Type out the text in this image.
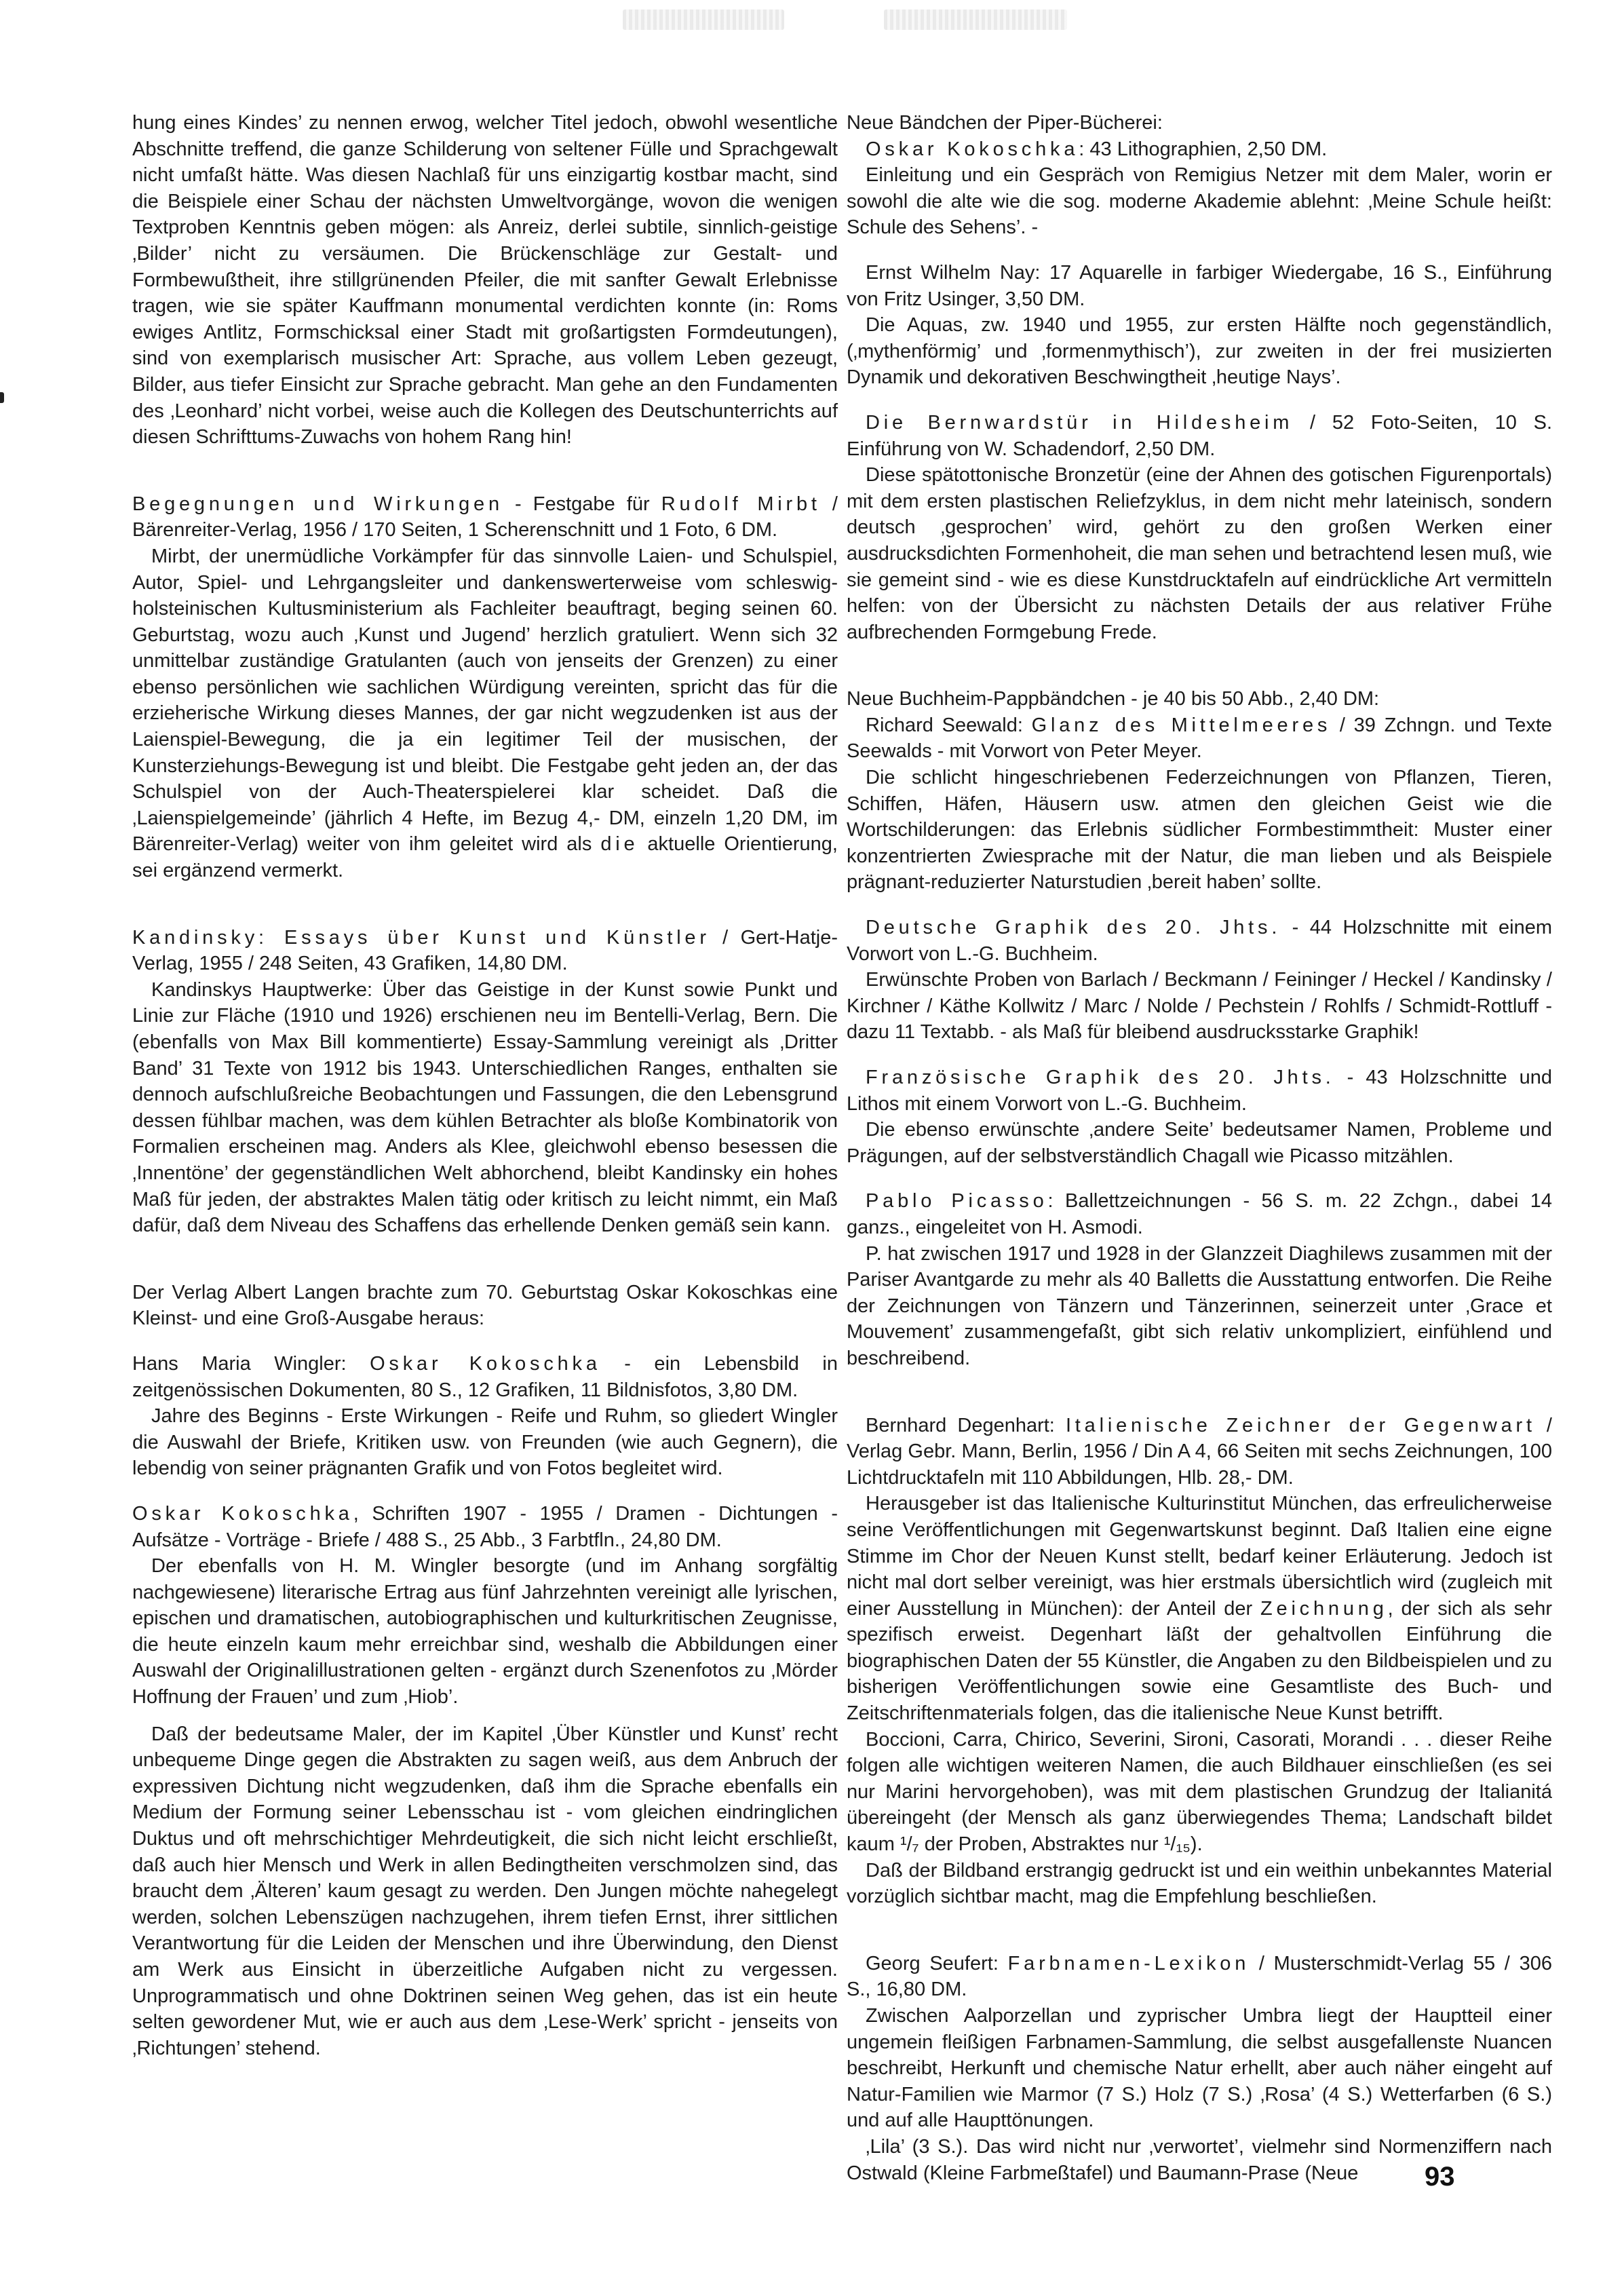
hung eines Kindes’ zu nennen erwog, welcher Titel jedoch, obwohl wesentliche Abschnitte treffend, die ganze Schilderung von seltener Fülle und Sprachgewalt nicht umfaßt hätte. Was diesen Nachlaß für uns einzigartig kostbar macht, sind die Beispiele einer Schau der nächsten Umweltvorgänge, wovon die wenigen Textproben Kenntnis geben mögen: als Anreiz, derlei subtile, sinnlich-geistige ‚Bilder’ nicht zu versäumen. Die Brückenschläge zur Gestalt- und Formbewußtheit, ihre stillgrünenden Pfeiler, die mit sanfter Gewalt Erlebnisse tragen, wie sie später Kauffmann monumental verdichten konnte (in: Roms ewiges Antlitz, Formschicksal einer Stadt mit großartigsten Formdeutungen), sind von exemplarisch musischer Art: Sprache, aus vollem Leben gezeugt, Bilder, aus tiefer Einsicht zur Sprache gebracht. Man gehe an den Fundamenten des ‚Leonhard’ nicht vorbei, weise auch die Kollegen des Deutschunterrichts auf diesen Schrifttums-Zuwachs von hohem Rang hin!

Begegnungen und Wirkungen - Festgabe für Rudolf Mirbt / Bärenreiter-Verlag, 1956 / 170 Seiten, 1 Scherenschnitt und 1 Foto, 6 DM.

Mirbt, der unermüdliche Vorkämpfer für das sinnvolle Laien- und Schulspiel, Autor, Spiel- und Lehrgangsleiter und dankenswerterweise vom schleswig-holsteinischen Kultusministerium als Fachleiter beauftragt, beging seinen 60. Geburtstag, wozu auch ‚Kunst und Jugend’ herzlich gratuliert. Wenn sich 32 unmittelbar zuständige Gratulanten (auch von jenseits der Grenzen) zu einer ebenso persönlichen wie sachlichen Würdigung vereinten, spricht das für die erzieherische Wirkung dieses Mannes, der gar nicht wegzudenken ist aus der Laienspiel-Bewegung, die ja ein legitimer Teil der musischen, der Kunsterziehungs-Bewegung ist und bleibt. Die Festgabe geht jeden an, der das Schulspiel von der Auch-Theaterspielerei klar scheidet. Daß die ‚Laienspielgemeinde’ (jährlich 4 Hefte, im Bezug 4,- DM, einzeln 1,20 DM, im Bärenreiter-Verlag) weiter von ihm geleitet wird als die aktuelle Orientierung, sei ergänzend vermerkt.

Kandinsky: Essays über Kunst und Künstler / Gert-Hatje-Verlag, 1955 / 248 Seiten, 43 Grafiken, 14,80 DM.

Kandinskys Hauptwerke: Über das Geistige in der Kunst sowie Punkt und Linie zur Fläche (1910 und 1926) erschienen neu im Bentelli-Verlag, Bern. Die (ebenfalls von Max Bill kommentierte) Essay-Sammlung vereinigt als ‚Dritter Band’ 31 Texte von 1912 bis 1943. Unterschiedlichen Ranges, enthalten sie dennoch aufschlußreiche Beobachtungen und Fassungen, die den Lebensgrund dessen fühlbar machen, was dem kühlen Betrachter als bloße Kombinatorik von Formalien erscheinen mag. Anders als Klee, gleichwohl ebenso besessen die ‚Innentöne’ der gegenständlichen Welt abhorchend, bleibt Kandinsky ein hohes Maß für jeden, der abstraktes Malen tätig oder kritisch zu leicht nimmt, ein Maß dafür, daß dem Niveau des Schaffens das erhellende Denken gemäß sein kann.

Der Verlag Albert Langen brachte zum 70. Geburtstag Oskar Kokoschkas eine Kleinst- und eine Groß-Ausgabe heraus:

Hans Maria Wingler: Oskar Kokoschka - ein Lebensbild in zeitgenössischen Dokumenten, 80 S., 12 Grafiken, 11 Bildnisfotos, 3,80 DM.

Jahre des Beginns - Erste Wirkungen - Reife und Ruhm, so gliedert Wingler die Auswahl der Briefe, Kritiken usw. von Freunden (wie auch Gegnern), die lebendig von seiner prägnanten Grafik und von Fotos begleitet wird.

Oskar Kokoschka, Schriften 1907 - 1955 / Dramen - Dichtungen - Aufsätze - Vorträge - Briefe / 488 S., 25 Abb., 3 Farbtfln., 24,80 DM.

Der ebenfalls von H. M. Wingler besorgte (und im Anhang sorgfältig nachgewiesene) literarische Ertrag aus fünf Jahrzehnten vereinigt alle lyrischen, epischen und dramatischen, autobiographischen und kulturkritischen Zeugnisse, die heute einzeln kaum mehr erreichbar sind, weshalb die Abbildungen einer Auswahl der Originalillustrationen gelten - ergänzt durch Szenenfotos zu ‚Mörder Hoffnung der Frauen’ und zum ‚Hiob’.

Daß der bedeutsame Maler, der im Kapitel ‚Über Künstler und Kunst’ recht unbequeme Dinge gegen die Abstrakten zu sagen weiß, aus dem Anbruch der expressiven Dichtung nicht wegzudenken, daß ihm die Sprache ebenfalls ein Medium der Formung seiner Lebensschau ist - vom gleichen eindringlichen Duktus und oft mehrschichtiger Mehrdeutigkeit, die sich nicht leicht erschließt, daß auch hier Mensch und Werk in allen Bedingtheiten verschmolzen sind, das braucht dem ‚Älteren’ kaum gesagt zu werden. Den Jungen möchte nahegelegt werden, solchen Lebenszügen nachzugehen, ihrem tiefen Ernst, ihrer sittlichen Verantwortung für die Leiden der Menschen und ihre Überwindung, den Dienst am Werk aus Einsicht in überzeitliche Aufgaben nicht zu vergessen. Unprogrammatisch und ohne Doktrinen seinen Weg gehen, das ist ein heute selten gewordener Mut, wie er auch aus dem ‚Lese-Werk’ spricht - jenseits von ‚Richtungen’ stehend.

Neue Bändchen der Piper-Bücherei:

Oskar Kokoschka: 43 Lithographien, 2,50 DM.

Einleitung und ein Gespräch von Remigius Netzer mit dem Maler, worin er sowohl die alte wie die sog. moderne Akademie ablehnt: ‚Meine Schule heißt: Schule des Sehens’. -

Ernst Wilhelm Nay: 17 Aquarelle in farbiger Wiedergabe, 16 S., Einführung von Fritz Usinger, 3,50 DM.

Die Aquas, zw. 1940 und 1955, zur ersten Hälfte noch gegenständlich, (‚mythenförmig’ und ‚formenmythisch’), zur zweiten in der frei musizierten Dynamik und dekorativen Beschwingtheit ‚heutige Nays’.

Die Bernwardstür in Hildesheim / 52 Foto-Seiten, 10 S. Einführung von W. Schadendorf, 2,50 DM.

Diese spätottonische Bronzetür (eine der Ahnen des gotischen Figurenportals) mit dem ersten plastischen Reliefzyklus, in dem nicht mehr lateinisch, sondern deutsch ‚gesprochen’ wird, gehört zu den großen Werken einer ausdrucksdichten Formenhoheit, die man sehen und betrachtend lesen muß, wie sie gemeint sind - wie es diese Kunstdrucktafeln auf eindrückliche Art vermitteln helfen: von der Übersicht zu nächsten Details der aus relativer Frühe aufbrechenden Formgebung Frede.

Neue Buchheim-Pappbändchen - je 40 bis 50 Abb., 2,40 DM:

Richard Seewald: Glanz des Mittelmeeres / 39 Zchngn. und Texte Seewalds - mit Vorwort von Peter Meyer.

Die schlicht hingeschriebenen Federzeichnungen von Pflanzen, Tieren, Schiffen, Häfen, Häusern usw. atmen den gleichen Geist wie die Wortschilderungen: das Erlebnis südlicher Formbestimmtheit: Muster einer konzentrierten Zwiesprache mit der Natur, die man lieben und als Beispiele prägnant-reduzierter Naturstudien ‚bereit haben’ sollte.

Deutsche Graphik des 20. Jhts. - 44 Holzschnitte mit einem Vorwort von L.-G. Buchheim.

Erwünschte Proben von Barlach / Beckmann / Feininger / Heckel / Kandinsky / Kirchner / Käthe Kollwitz / Marc / Nolde / Pechstein / Rohlfs / Schmidt-Rottluff - dazu 11 Textabb. - als Maß für bleibend ausdrucksstarke Graphik!

Französische Graphik des 20. Jhts. - 43 Holzschnitte und Lithos mit einem Vorwort von L.-G. Buchheim.

Die ebenso erwünschte ‚andere Seite’ bedeutsamer Namen, Probleme und Prägungen, auf der selbstverständlich Chagall wie Picasso mitzählen.

Pablo Picasso: Ballettzeichnungen - 56 S. m. 22 Zchgn., dabei 14 ganzs., eingeleitet von H. Asmodi.

P. hat zwischen 1917 und 1928 in der Glanzzeit Diaghilews zusammen mit der Pariser Avantgarde zu mehr als 40 Balletts die Ausstattung entworfen. Die Reihe der Zeichnungen von Tänzern und Tänzerinnen, seinerzeit unter ‚Grace et Mouvement’ zusammengefaßt, gibt sich relativ unkompliziert, einfühlend und beschreibend.

Bernhard Degenhart: Italienische Zeichner der Gegenwart / Verlag Gebr. Mann, Berlin, 1956 / Din A 4, 66 Seiten mit sechs Zeichnungen, 100 Lichtdrucktafeln mit 110 Abbildungen, Hlb. 28,- DM.

Herausgeber ist das Italienische Kulturinstitut München, das erfreulicherweise seine Veröffentlichungen mit Gegenwartskunst beginnt. Daß Italien eine eigne Stimme im Chor der Neuen Kunst stellt, bedarf keiner Erläuterung. Jedoch ist nicht mal dort selber vereinigt, was hier erstmals übersichtlich wird (zugleich mit einer Ausstellung in München): der Anteil der Zeichnung, der sich als sehr spezifisch erweist. Degenhart läßt der gehaltvollen Einführung die biographischen Daten der 55 Künstler, die Angaben zu den Bildbeispielen und zu bisherigen Veröffentlichungen sowie eine Gesamtliste des Buch- und Zeitschriftenmaterials folgen, das die italienische Neue Kunst betrifft.

Boccioni, Carra, Chirico, Severini, Sironi, Casorati, Morandi . . . dieser Reihe folgen alle wichtigen weiteren Namen, die auch Bildhauer einschließen (es sei nur Marini hervorgehoben), was mit dem plastischen Grundzug der Italianitá übereingeht (der Mensch als ganz überwiegendes Thema; Landschaft bildet kaum ¹/₇ der Proben, Abstraktes nur ¹/₁₅).

Daß der Bildband erstrangig gedruckt ist und ein weithin unbekanntes Material vorzüglich sichtbar macht, mag die Empfehlung beschließen.

Georg Seufert: Farbnamen-Lexikon / Musterschmidt-Verlag 55 / 306 S., 16,80 DM.

Zwischen Aalporzellan und zyprischer Umbra liegt der Hauptteil einer ungemein fleißigen Farbnamen-Sammlung, die selbst ausgefallenste Nuancen beschreibt, Herkunft und chemische Natur erhellt, aber auch näher eingeht auf Natur-Familien wie Marmor (7 S.) Holz (7 S.) ‚Rosa’ (4 S.) Wetterfarben (6 S.) und auf alle Haupttönungen.

‚Lila’ (3 S.). Das wird nicht nur ‚verwortet’, vielmehr sind Normenziffern nach Ostwald (Kleine Farbmeßtafel) und Baumann-Prase (Neue	93
